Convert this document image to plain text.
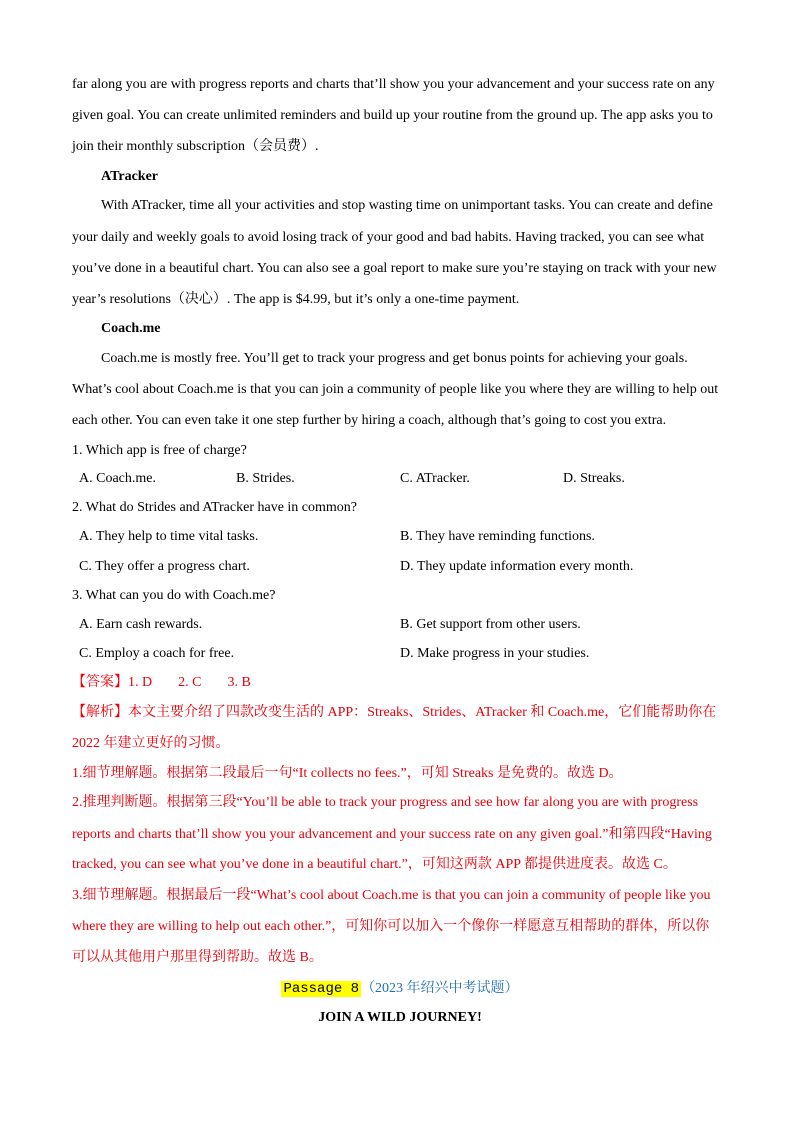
far along you are with progress reports and charts that’ll show you your advancement and your success rate on any
given goal. You can create unlimited reminders and build up your routine from the ground up. The app asks you to
join their monthly subscription（会员费）.
ATracker
With ATracker, time all your activities and stop wasting time on unimportant tasks. You can create and define
your daily and weekly goals to avoid losing track of your good and bad habits. Having tracked, you can see what
you’ve done in a beautiful chart. You can also see a goal report to make sure you’re staying on track with your new
year’s resolutions（决心）. The app is $4.99, but it’s only a one-time payment.
Coach.me
Coach.me is mostly free. You’ll get to track your progress and get bonus points for achieving your goals.
What’s cool about Coach.me is that you can join a community of people like you where they are willing to help out
each other. You can even take it one step further by hiring a coach, although that’s going to cost you extra.
1. Which app is free of charge?
A. Coach.me.	B. Strides.	C. ATracker.	D. Streaks.
2. What do Strides and ATracker have in common?
A. They help to time vital tasks.	B. They have reminding functions.
C. They offer a progress chart.	D. They update information every month.
3. What can you do with Coach.me?
A. Earn cash rewards.	B. Get support from other users.
C. Employ a coach for free.	D. Make progress in your studies.
【答案】1. D 2. C 3. B
【解析】本文主要介绍了四款改变生活的 APP：Streaks、Strides、ATracker 和 Coach.me，它们能帮助你在
2022 年建立更好的习惯。
1.细节理解题。根据第二段最后一句“It collects no fees.”，可知 Streaks 是免费的。故选 D。
2.推理判断题。根据第三段“You’ll be able to track your progress and see how far along you are with progress
reports and charts that’ll show you your advancement and your success rate on any given goal.”和第四段“Having
tracked, you can see what you’ve done in a beautiful chart.”，可知这两款 APP 都提供进度表。故选 C。
3.细节理解题。根据最后一段“What’s cool about Coach.me is that you can join a community of people like you
where they are willing to help out each other.”，可知你可以加入一个像你一样愿意互相帮助的群体，所以你
可以从其他用户那里得到帮助。故选 B。
Passage 8 （2023 年绍兴中考试题）
JOIN A WILD JOURNEY!
